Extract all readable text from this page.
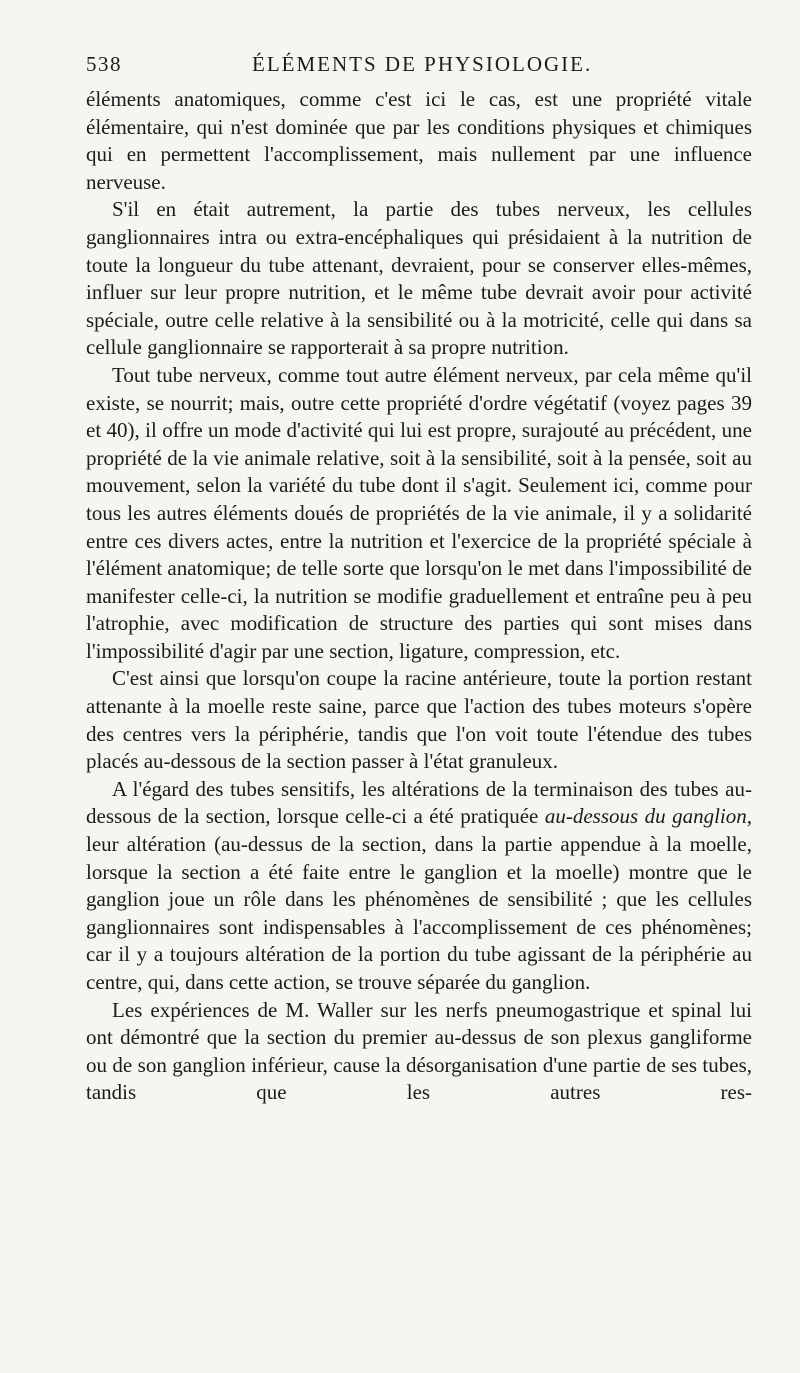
538	ÉLÉMENTS DE PHYSIOLOGIE.

éléments anatomiques, comme c'est ici le cas, est une propriété vitale élémentaire, qui n'est dominée que par les conditions physiques et chimiques qui en permettent l'accomplissement, mais nullement par une influence nerveuse.

S'il en était autrement, la partie des tubes nerveux, les cellules ganglionnaires intra ou extra-encéphaliques qui présidaient à la nutrition de toute la longueur du tube attenant, devraient, pour se conserver elles-mêmes, influer sur leur propre nutrition, et le même tube devrait avoir pour activité spéciale, outre celle relative à la sensibilité ou à la motricité, celle qui dans sa cellule ganglionnaire se rapporterait à sa propre nutrition.

Tout tube nerveux, comme tout autre élément nerveux, par cela même qu'il existe, se nourrit; mais, outre cette propriété d'ordre végétatif (voyez pages 39 et 40), il offre un mode d'activité qui lui est propre, surajouté au précédent, une propriété de la vie animale relative, soit à la sensibilité, soit à la pensée, soit au mouvement, selon la variété du tube dont il s'agit. Seulement ici, comme pour tous les autres éléments doués de propriétés de la vie animale, il y a solidarité entre ces divers actes, entre la nutrition et l'exercice de la propriété spéciale à l'élément anatomique; de telle sorte que lorsqu'on le met dans l'impossibilité de manifester celle-ci, la nutrition se modifie graduellement et entraîne peu à peu l'atrophie, avec modification de structure des parties qui sont mises dans l'impossibilité d'agir par une section, ligature, compression, etc.

C'est ainsi que lorsqu'on coupe la racine antérieure, toute la portion restant attenante à la moelle reste saine, parce que l'action des tubes moteurs s'opère des centres vers la périphérie, tandis que l'on voit toute l'étendue des tubes placés au-dessous de la section passer à l'état granuleux.

A l'égard des tubes sensitifs, les altérations de la terminaison des tubes au-dessous de la section, lorsque celle-ci a été pratiquée au-dessous du ganglion, leur altération (au-dessus de la section, dans la partie appendue à la moelle, lorsque la section a été faite entre le ganglion et la moelle) montre que le ganglion joue un rôle dans les phénomènes de sensibilité ; que les cellules ganglionnaires sont indispensables à l'accomplissement de ces phénomènes; car il y a toujours altération de la portion du tube agissant de la périphérie au centre, qui, dans cette action, se trouve séparée du ganglion.

Les expériences de M. Waller sur les nerfs pneumogastrique et spinal lui ont démontré que la section du premier au-dessus de son plexus gangliforme ou de son ganglion inférieur, cause la désorganisation d'une partie de ses tubes, tandis que les autres res-
